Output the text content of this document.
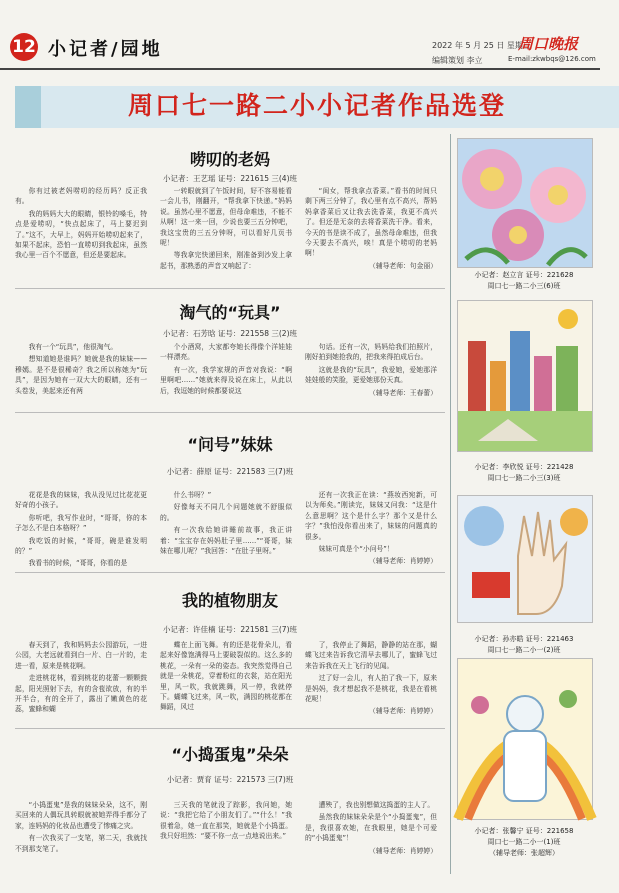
12 小记者/园地	2022 年 5 月 25 日 星期三
周口晚报
编辑策划 李立	E-mail:zkwbqs@126.com
周口七一路二小小记者作品选登
唠叨的老妈
小记者：王艺瑶 证号：221615 三(4)班

你有过被老妈唠叨的经历吗？反正我有。

我的妈妈大大的眼睛，银铃的嗓毛，特点是爱唠叨，“快点起床了，马上要迟到了。”这不，大早上，妈妈开始唠叨起来了，如果不起床，恐怕一直唠叨到我起床，虽然我心里一百个不愿意，但还是要起床。

一转眼就到了午饭时间，好不容易能看一会儿书，刚翻开，“帮我拿下快递。”妈妈说。虽然心里不愿意，但母命难违，不能不从啊！这一来一回，少说也要三五分钟吧，我这宝贵的三五分钟呀，可以看好几页书呢！

等我拿完快递回来，刚准备到沙发上拿起书，那熟悉的声音又响起了：

“闺女，帮我拿点香菜。”看书的时间只剩下两三分钟了，我心里有点不高兴，帮妈妈拿香菜后又让我去洗香菜，我更不高兴了。但还是无奈的去将香菜洗干净。看来，今天的书是读不成了，虽然母命难违，但我今天要去不高兴，唉！真是个唠叨的老妈啊！

（辅导老师：句金丽）
淘气的“玩具”
小记者：石芳晗 证号：221558 三(2)班

我有一个“玩具”，他很淘气。

想知道她是谁吗？她就是我的妹妹——穆嫣。是不是很稀奇？我之所以称她为“玩具”，是因为她有一双大大的眼睛，还有一头卷发，美起来还有两

个小酒窝，大家都夸她长得像个洋娃娃一样漂亮。

有一次，我学家规的声音对我说：“啊里啊吧……”她就来得及说在床上，从此以后，我逗她的时候都要说这

句话。还有一次，妈妈给我们拍照片，刚好拍到她抢我的，把我来得拍成后台。

这就是我的“玩具”，我爱她，爱她那洋娃娃般的笑脸，更爱她那份天真。

（辅导老师：王春蕾）
“问号”妹妹
小记者：薛原 证号：221583 三(7)班

花花是我的妹妹，我从没见过比花花更好奇的小孩子。

你听吧，我写作业时，“哥哥，你的本子怎么不是白本格呀？”

我吃饭的时候，“哥哥，碗是谁发明的？”

我看书的时候，“哥哥，你看的是

什么书呀？”

好像每天不同几个问题她就不舒服似的。

有一次我给她讲睡前故事，我正讲着：“宝宝存在妈妈肚子里……”“哥哥，妹妹在哪儿呢？”我回答：“在肚子里呀。”

还有一次我正在读：“燕妆西宛新，可以为师矣。”刚读完，妹妹又问我：“这是什么意思啊？这个是什么字？那个又是什么字？”我怕没你看出来了，妹妹的问题真的很多。

妹妹可真是个“小问号”！

（辅导老师：肖婷婷）
我的植物朋友
小记者：许佳楠 证号：221581 三(7)班

春天到了，我和妈妈去公园游玩，一进公园，大老远就看到白一片、白一片的，走进一看，原来是桃花啊。

走进桃花林，看到桃花的花蕾一颗颗鼓起，阳光照射下去，有的含苞欲放，有的半开半合，有的全开了，露出了嫩黄色的花蕊，蜜蜂和蝴

蝶在上面飞舞。有的还是花骨朵儿，看起来好像饱满得马上要破裂似的。这么多的桃花，一朵有一朵的姿态。我突然觉得自己就是一朵桃花，穿着粉红的衣裳，站在阳光里，风一吹，我就跳舞，风一停，我就停下。蝴蝶飞过来，风一吹，满园的桃花都在舞蹈，风过

了，我停止了舞蹈，静静的站在那，蝴蝶飞过来告诉我它清早去哪儿了，蜜蜂飞过来告诉我在天上飞行的见闻。

过了好一会儿，有人拍了我一下，原来是妈妈，我才想起我不是桃花，我是在看桃花呢！

（辅导老师：肖婷婷）
“小捣蛋鬼”朵朵
小记者：贾育 证号：221573 三(7)班

“小捣蛋鬼”是我的妹妹朵朵，这不，刚买回来的人偶玩具转眼就被她弄得手都分了家，连妈妈的化妆品也遭受了惨痛之灾。

有一次我买了一支笔，第二天，我就找不到那支笔了。

三天我的笔就没了踪影，我问她，她说：“我把它给了小朋友们了。”“什么！”我很着急，她一直在那笑，她就是个小捣蛋。我只好坦然：“要不你一点一点地说出来。”

遭殃了，我也别想做这捣蛋的主人了。

虽然我的妹妹朵朵是个“小捣蛋鬼”，但是，我很喜欢她，在我眼里，她是个可爱的“小捣蛋鬼”！

（辅导老师：肖婷婷）
小记者：赵立言 证号：221628
周口七一路二小三(6)班
小记者：李欣悦 证号：221428
周口七一路二小三(3)班
小记者：孙亦皓 证号：221463
周口七一路二小一(2)班
小记者：张馨宁 证号：221658
周口七一路二小一(1)班
（辅导老师：张超辉）
